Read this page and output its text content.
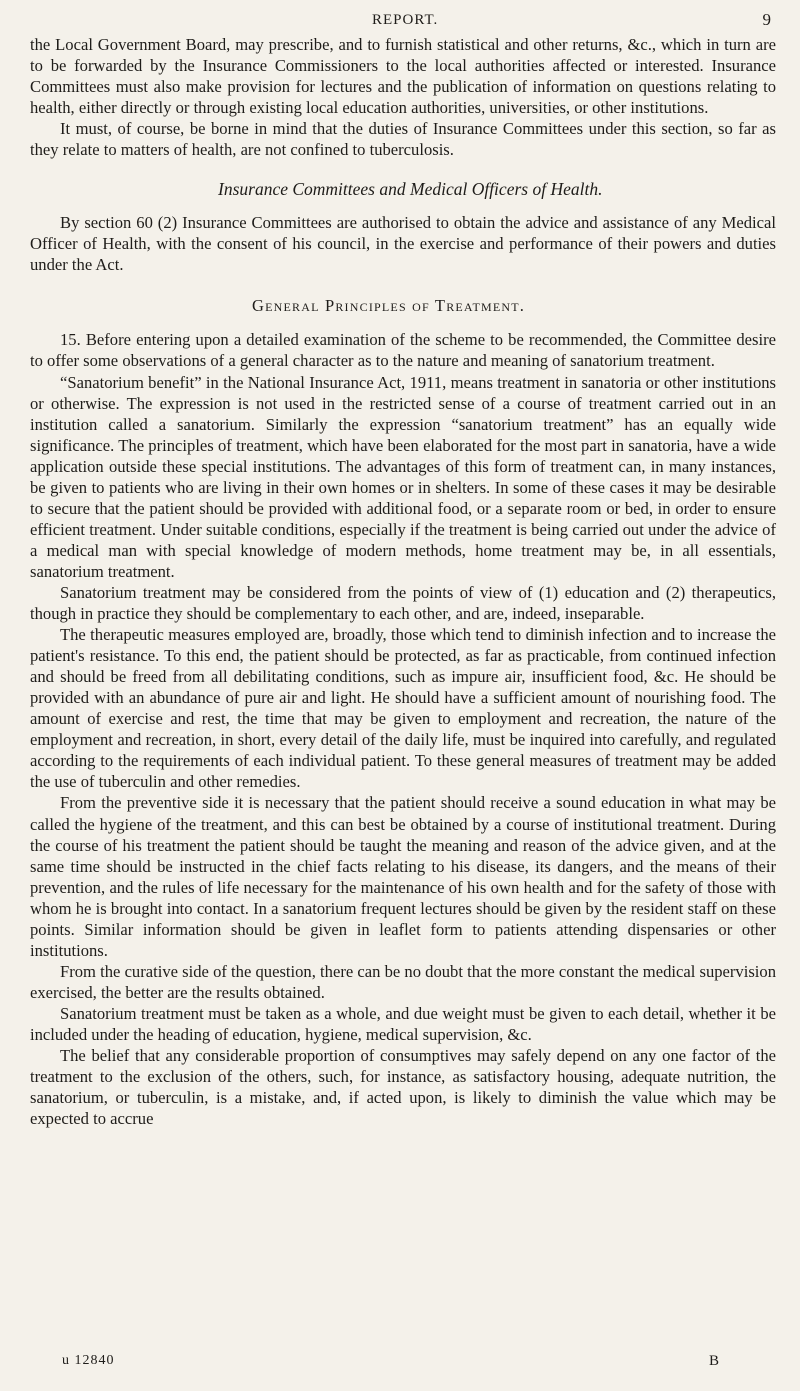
REPORT.	9

the Local Government Board, may prescribe, and to furnish statistical and other returns, &c., which in turn are to be forwarded by the Insurance Commissioners to the local authorities affected or interested. Insurance Committees must also make provision for lectures and the publication of information on questions relating to health, either directly or through existing local education authorities, universities, or other institutions.

It must, of course, be borne in mind that the duties of Insurance Committees under this section, so far as they relate to matters of health, are not confined to tuberculosis.

Insurance Committees and Medical Officers of Health.

By section 60 (2) Insurance Committees are authorised to obtain the advice and assistance of any Medical Officer of Health, with the consent of his council, in the exercise and performance of their powers and duties under the Act.

General Principles of Treatment.

15. Before entering upon a detailed examination of the scheme to be recommended, the Committee desire to offer some observations of a general character as to the nature and meaning of sanatorium treatment.

“Sanatorium benefit” in the National Insurance Act, 1911, means treatment in sanatoria or other institutions or otherwise. The expression is not used in the restricted sense of a course of treatment carried out in an institution called a sanatorium. Similarly the expression “sanatorium treatment” has an equally wide significance. The principles of treatment, which have been elaborated for the most part in sanatoria, have a wide application outside these special institutions. The advantages of this form of treatment can, in many instances, be given to patients who are living in their own homes or in shelters. In some of these cases it may be desirable to secure that the patient should be provided with additional food, or a separate room or bed, in order to ensure efficient treatment. Under suitable conditions, especially if the treatment is being carried out under the advice of a medical man with special knowledge of modern methods, home treatment may be, in all essentials, sanatorium treatment.

Sanatorium treatment may be considered from the points of view of (1) education and (2) therapeutics, though in practice they should be complementary to each other, and are, indeed, inseparable.

The therapeutic measures employed are, broadly, those which tend to diminish infection and to increase the patient's resistance. To this end, the patient should be protected, as far as practicable, from continued infection and should be freed from all debilitating conditions, such as impure air, insufficient food, &c. He should be provided with an abundance of pure air and light. He should have a sufficient amount of nourishing food. The amount of exercise and rest, the time that may be given to employment and recreation, the nature of the employment and recreation, in short, every detail of the daily life, must be inquired into carefully, and regulated according to the requirements of each individual patient. To these general measures of treatment may be added the use of tuberculin and other remedies.

From the preventive side it is necessary that the patient should receive a sound education in what may be called the hygiene of the treatment, and this can best be obtained by a course of institutional treatment. During the course of his treatment the patient should be taught the meaning and reason of the advice given, and at the same time should be instructed in the chief facts relating to his disease, its dangers, and the means of their prevention, and the rules of life necessary for the maintenance of his own health and for the safety of those with whom he is brought into contact. In a sanatorium frequent lectures should be given by the resident staff on these points. Similar information should be given in leaflet form to patients attending dispensaries or other institutions.

From the curative side of the question, there can be no doubt that the more constant the medical supervision exercised, the better are the results obtained.

Sanatorium treatment must be taken as a whole, and due weight must be given to each detail, whether it be included under the heading of education, hygiene, medical supervision, &c.

The belief that any considerable proportion of consumptives may safely depend on any one factor of the treatment to the exclusion of the others, such, for instance, as satisfactory housing, adequate nutrition, the sanatorium, or tuberculin, is a mistake, and, if acted upon, is likely to diminish the value which may be expected to accrue

u 12840	B
